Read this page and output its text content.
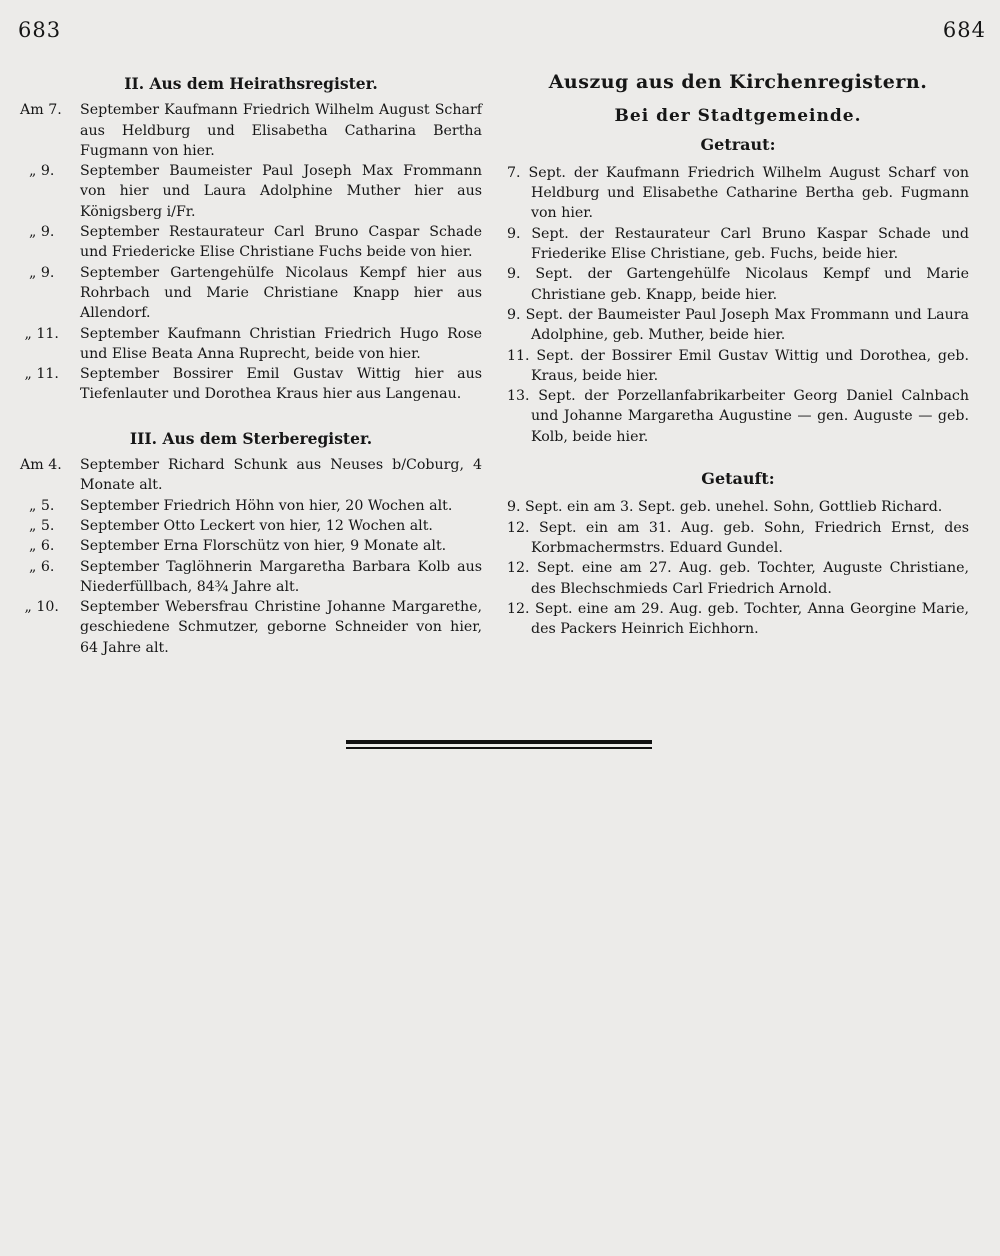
683	684

II. Aus dem Heirathsregister.

Am 7.	September Kaufmann Friedrich Wilhelm August Scharf aus Heldburg und Elisabetha Catharina Bertha Fugmann von hier.
„ 9.	September Baumeister Paul Joseph Max Frommann von hier und Laura Adolphine Muther hier aus Königsberg i/Fr.
„ 9.	September Restaurateur Carl Bruno Caspar Schade und Friedericke Elise Christiane Fuchs beide von hier.
„ 9.	September Gartengehülfe Nicolaus Kempf hier aus Rohrbach und Marie Christiane Knapp hier aus Allendorf.
„ 11.	September Kaufmann Christian Friedrich Hugo Rose und Elise Beata Anna Ruprecht, beide von hier.
„ 11.	September Bossirer Emil Gustav Wittig hier aus Tiefenlauter und Dorothea Kraus hier aus Langenau.

III. Aus dem Sterberegister.

Am 4.	September Richard Schunk aus Neuses b/Coburg, 4 Monate alt.
„ 5.	September Friedrich Höhn von hier, 20 Wochen alt.
„ 5.	September Otto Leckert von hier, 12 Wochen alt.
„ 6.	September Erna Florschütz von hier, 9 Monate alt.
„ 6.	September Taglöhnerin Margaretha Barbara Kolb aus Niederfüllbach, 84¾ Jahre alt.
„ 10.	September Webersfrau Christine Johanne Margarethe, geschiedene Schmutzer, geborne Schneider von hier, 64 Jahre alt.

Auszug aus den Kirchenregistern.

Bei der Stadtgemeinde.

Getraut:

7. Sept. der Kaufmann Friedrich Wilhelm August Scharf von Heldburg und Elisabethe Catharine Bertha geb. Fugmann von hier.

9. Sept. der Restaurateur Carl Bruno Kaspar Schade und Friederike Elise Christiane, geb. Fuchs, beide hier.

9. Sept. der Gartengehülfe Nicolaus Kempf und Marie Christiane geb. Knapp, beide hier.

9. Sept. der Baumeister Paul Joseph Max Frommann und Laura Adolphine, geb. Muther, beide hier.

11. Sept. der Bossirer Emil Gustav Wittig und Dorothea, geb. Kraus, beide hier.

13. Sept. der Porzellanfabrikarbeiter Georg Daniel Calnbach und Johanne Margaretha Augustine — gen. Auguste — geb. Kolb, beide hier.

Getauft:

9. Sept. ein am 3. Sept. geb. unehel. Sohn, Gottlieb Richard.

12. Sept. ein am 31. Aug. geb. Sohn, Friedrich Ernst, des Korbmachermstrs. Eduard Gundel.

12. Sept. eine am 27. Aug. geb. Tochter, Auguste Christiane, des Blechschmieds Carl Friedrich Arnold.

12. Sept. eine am 29. Aug. geb. Tochter, Anna Georgine Marie, des Packers Heinrich Eichhorn.
